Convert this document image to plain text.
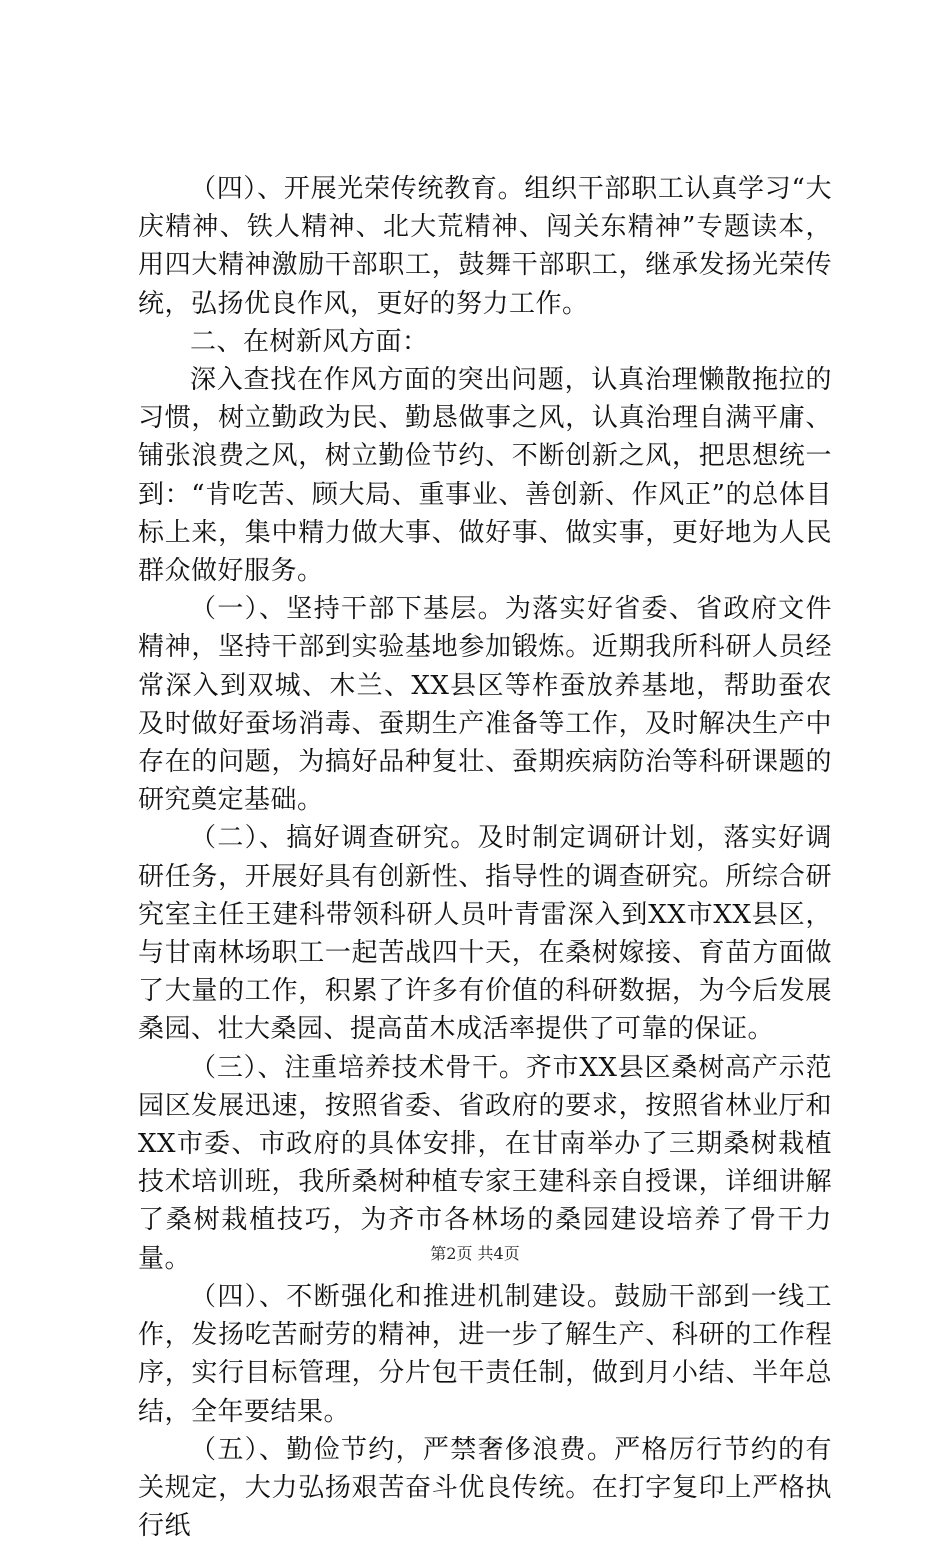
（四）、开展光荣传统教育。组织干部职工认真学习“大庆精神、铁人精神、北大荒精神、闯关东精神”专题读本，用四大精神激励干部职工，鼓舞干部职工，继承发扬光荣传统，弘扬优良作风，更好的努力工作。

二、在树新风方面：

深入查找在作风方面的突出问题，认真治理懒散拖拉的习惯，树立勤政为民、勤恳做事之风，认真治理自满平庸、铺张浪费之风，树立勤俭节约、不断创新之风，把思想统一到：“肯吃苦、顾大局、重事业、善创新、作风正”的总体目标上来，集中精力做大事、做好事、做实事，更好地为人民群众做好服务。

（一）、坚持干部下基层。为落实好省委、省政府文件精神，坚持干部到实验基地参加锻炼。近期我所科研人员经常深入到双城、木兰、XX县区等柞蚕放养基地，帮助蚕农及时做好蚕场消毒、蚕期生产准备等工作，及时解决生产中存在的问题，为搞好品种复壮、蚕期疾病防治等科研课题的研究奠定基础。

（二）、搞好调查研究。及时制定调研计划，落实好调研任务，开展好具有创新性、指导性的调查研究。所综合研究室主任王建科带领科研人员叶青雷深入到XX市XX县区，与甘南林场职工一起苦战四十天，在桑树嫁接、育苗方面做了大量的工作，积累了许多有价值的科研数据，为今后发展桑园、壮大桑园、提高苗木成活率提供了可靠的保证。

（三）、注重培养技术骨干。齐市XX县区桑树高产示范园区发展迅速，按照省委、省政府的要求，按照省林业厅和XX市委、市政府的具体安排，在甘南举办了三期桑树栽植技术培训班，我所桑树种植专家王建科亲自授课，详细讲解了桑树栽植技巧，为齐市各林场的桑园建设培养了骨干力量。

（四）、不断强化和推进机制建设。鼓励干部到一线工作，发扬吃苦耐劳的精神，进一步了解生产、科研的工作程序，实行目标管理，分片包干责任制，做到月小结、半年总结，全年要结果。

（五）、勤俭节约，严禁奢侈浪费。严格厉行节约的有关规定，大力弘扬艰苦奋斗优良传统。在打字复印上严格执行纸

第2页 共4页
